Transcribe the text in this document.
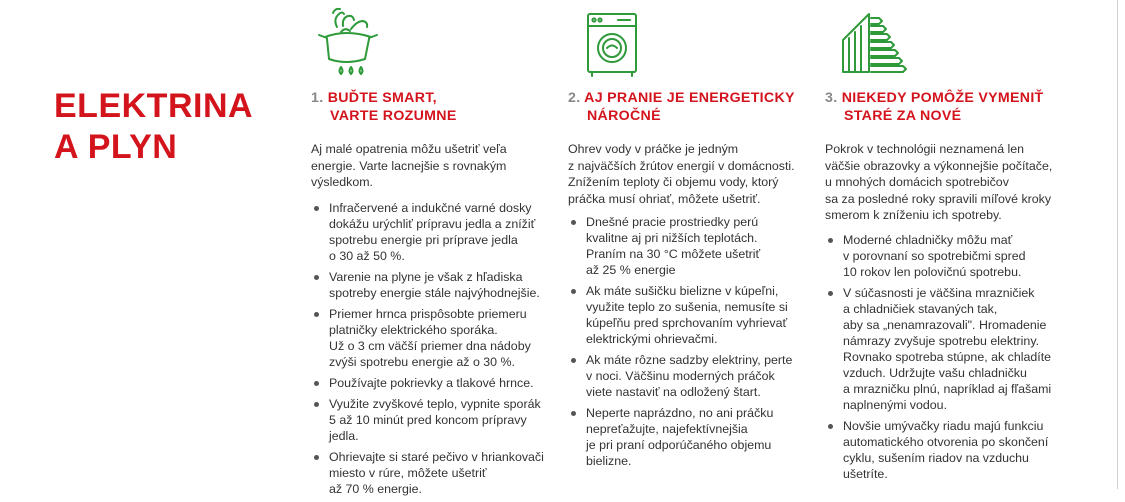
ELEKTRINA
A PLYN
1. BUĎTE SMART,
VARTE ROZUMNE

Aj malé opatrenia môžu ušetriť veľa
energie. Varte lacnejšie s rovnakým
výsledkom.

Infračervené a indukčné varné dosky
dokážu urýchliť prípravu jedla a znížiť
spotrebu energie pri príprave jedla
o 30 až 50 %.
Varenie na plyne je však z hľadiska
spotreby energie stále najvýhodnejšie.
Priemer hrnca prispôsobte priemeru
platničky elektrického sporáka.
Už o 3 cm väčší priemer dna nádoby
zvýši spotrebu energie až o 30 %.
Používajte pokrievky a tlakové hrnce.
Využite zvyškové teplo, vypnite sporák
5 až 10 minút pred koncom prípravy
jedla.
Ohrievajte si staré pečivo v hriankovači
miesto v rúre, môžete ušetriť
až 70 % energie.
2. AJ PRANIE JE ENERGETICKY
NÁROČNÉ

Ohrev vody v práčke je jedným
z najväčších žrútov energií v domácnosti.
Znížením teploty či objemu vody, ktorý
práčka musí ohriať, môžete ušetriť.

Dnešné pracie prostriedky perú
kvalitne aj pri nižších teplotách.
Praním na 30 °C môžete ušetriť
až 25 % energie
Ak máte sušičku bielizne v kúpeľni,
využite teplo zo sušenia, nemusíte si
kúpeľňu pred sprchovaním vyhrievať
elektrickými ohrievačmi.
Ak máte rôzne sadzby elektriny, perte
v noci. Väčšinu moderných práčok
viete nastaviť na odložený štart.
Neperte naprázdno, no ani práčku
nepreťažujte, najefektívnejšia
je pri praní odporúčaného objemu
bielizne.
3. NIEKEDY POMÔŽE VYMENIŤ
STARÉ ZA NOVÉ

Pokrok v technológii neznamená len
väčšie obrazovky a výkonnejšie počítače,
u mnohých domácich spotrebičov
sa za posledné roky spravili míľové kroky
smerom k zníženiu ich spotreby.

Moderné chladničky môžu mať
v porovnaní so spotrebičmi spred
10 rokov len polovičnú spotrebu.
V súčasnosti je väčšina mrazničiek
a chladničiek stavaných tak,
aby sa „nenamrazovali". Hromadenie
námrazy zvyšuje spotrebu elektriny.
Rovnako spotreba stúpne, ak chladíte
vzduch. Udržujte vašu chladničku
a mrazničku plnú, napríklad aj fľašami
naplnenými vodou.
Novšie umývačky riadu majú funkciu
automatického otvorenia po skončení
cyklu, sušením riadov na vzduchu
ušetríte.
